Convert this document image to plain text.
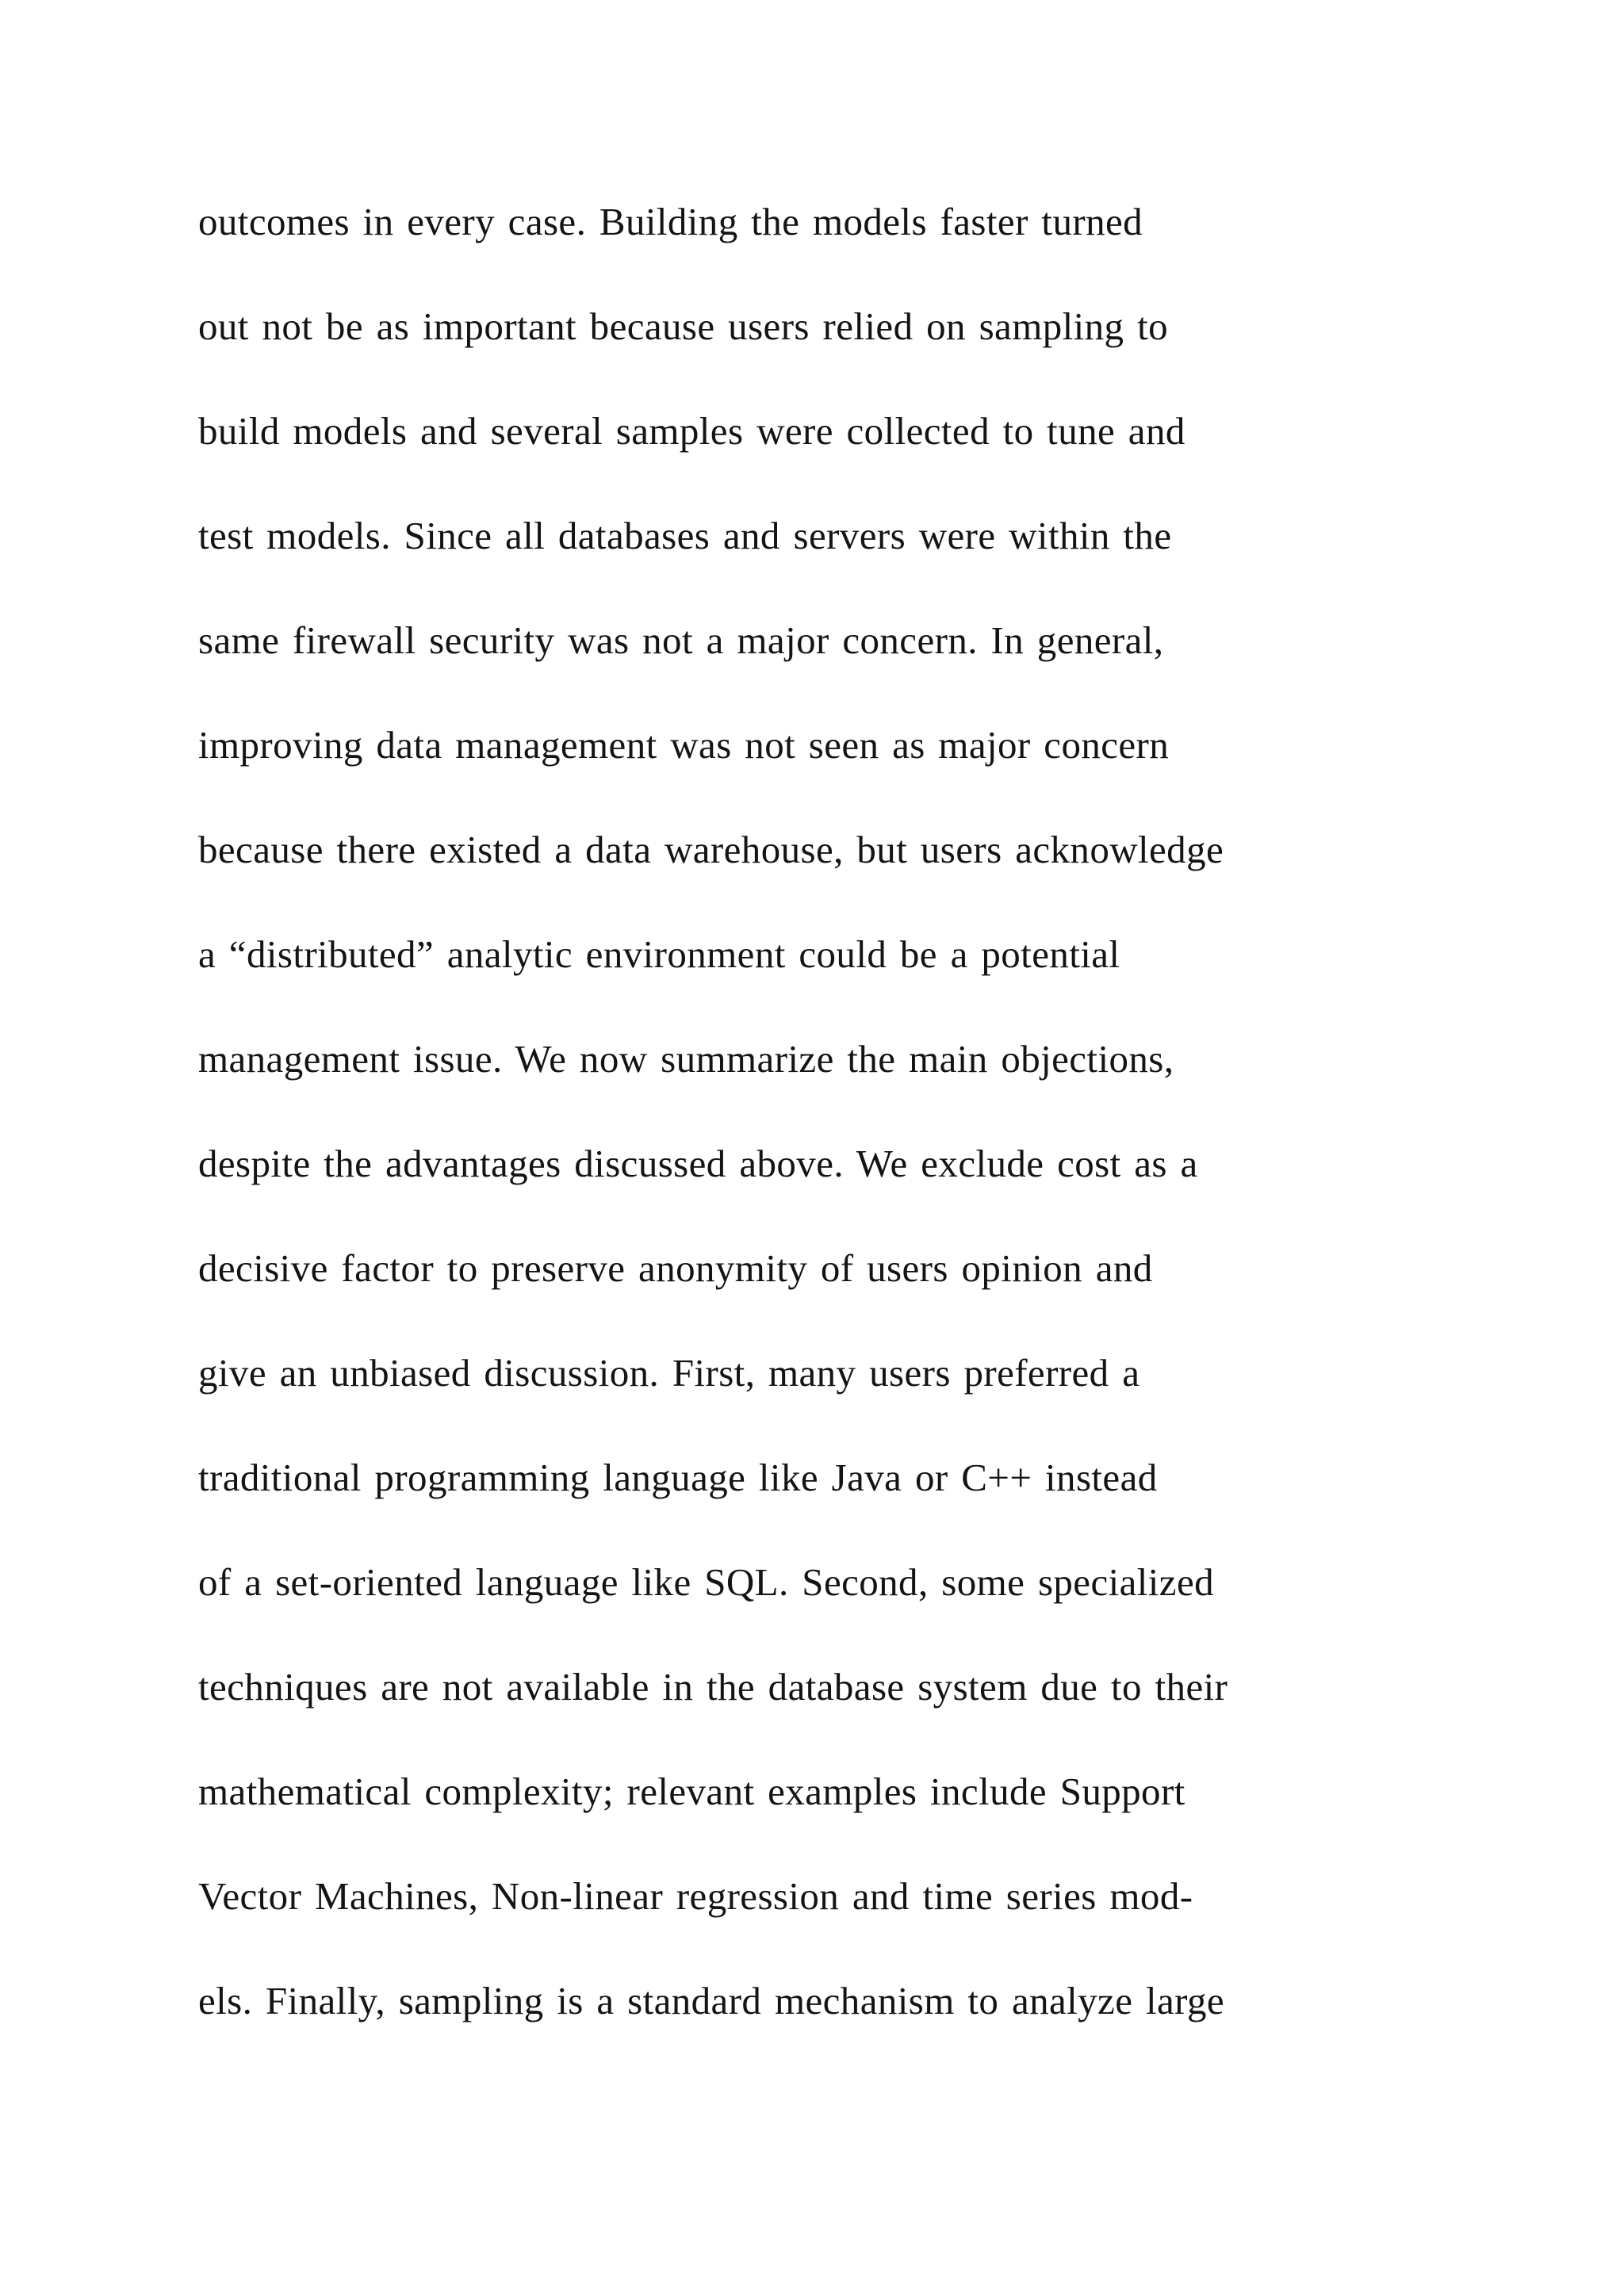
outcomes in every case. Building the models faster turned
out not be as important because users relied on sampling to
build models and several samples were collected to tune and
test models. Since all databases and servers were within the
same firewall security was not a major concern. In general,
improving data management was not seen as major concern
because there existed a data warehouse, but users acknowledge
a “distributed” analytic environment could be a potential
management issue. We now summarize the main objections,
despite the advantages discussed above. We exclude cost as a
decisive factor to preserve anonymity of users opinion and
give an unbiased discussion. First, many users preferred a
traditional programming language like Java or C++ instead
of a set-oriented language like SQL. Second, some specialized
techniques are not available in the database system due to their
mathematical complexity; relevant examples include Support
Vector Machines, Non-linear regression and time series mod-
els. Finally, sampling is a standard mechanism to analyze large
